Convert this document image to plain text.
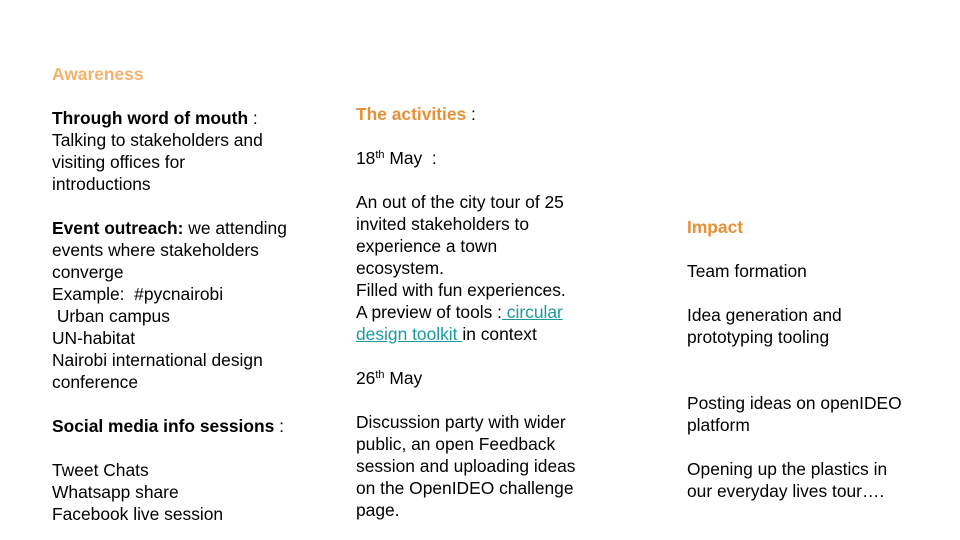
Awareness
Through word of mouth :
Talking to stakeholders and
visiting offices for
introductions
Event outreach: we attending
events where stakeholders
converge
Example:  #pycnairobi
Urban campus
UN-habitat
Nairobi international design
conference
Social media info sessions :
Tweet Chats
Whatsapp share
Facebook live session
The activities :
18th May  :
An out of the city tour of 25
invited stakeholders to
experience a town
ecosystem.
Filled with fun experiences.
A preview of tools : circular
design toolkit in context
26th May
Discussion party with wider
public, an open Feedback
session and uploading ideas
on the OpenIDEO challenge
page.
Impact
Team formation
Idea generation and
prototyping tooling
Posting ideas on openIDEO
platform
Opening up the plastics in
our everyday lives tour….
